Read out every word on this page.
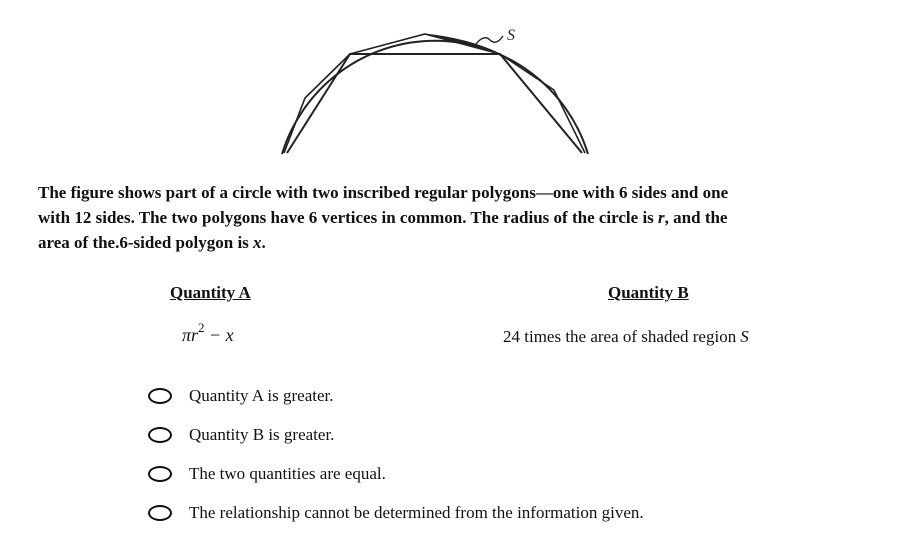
S
The figure shows part of a circle with two inscribed regular polygons—one with 6 sides and one
with 12 sides. The two polygons have 6 vertices in common. The radius of the circle is r, and the
area of the.6-sided polygon is x.
Quantity A	Quantity B
$\pi r^2 - x$	24 times the area of shaded region S
Quantity A is greater.
Quantity B is greater.
The two quantities are equal.
The relationship cannot be determined from the information given.
